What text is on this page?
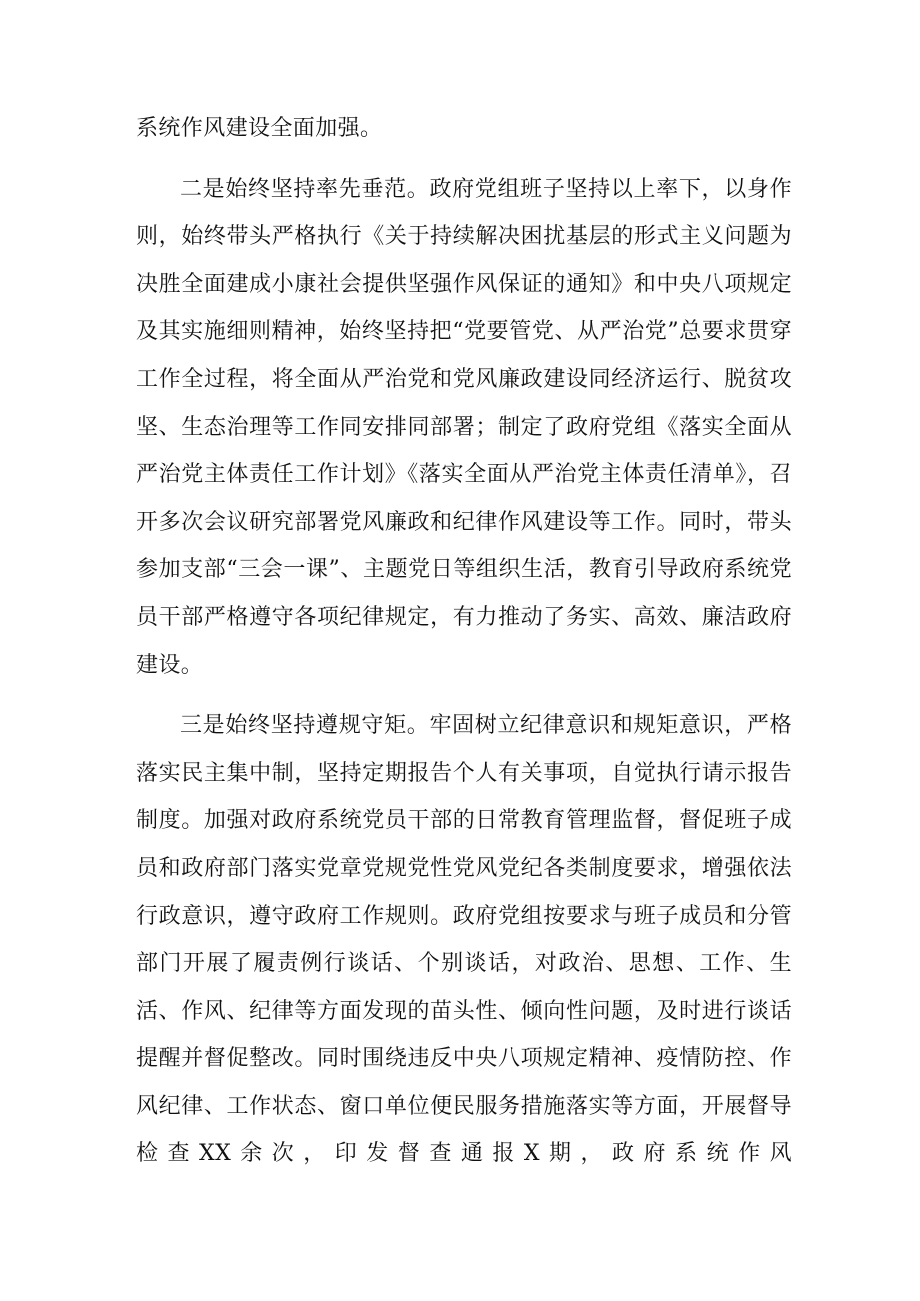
系统作风建设全面加强。

二是始终坚持率先垂范。政府党组班子坚持以上率下，以身作则，始终带头严格执行《关于持续解决困扰基层的形式主义问题为决胜全面建成小康社会提供坚强作风保证的通知》和中央八项规定及其实施细则精神，始终坚持把“党要管党、从严治党”总要求贯穿工作全过程，将全面从严治党和党风廉政建设同经济运行、脱贫攻坚、生态治理等工作同安排同部署；制定了政府党组《落实全面从严治党主体责任工作计划》《落实全面从严治党主体责任清单》，召开多次会议研究部署党风廉政和纪律作风建设等工作。同时，带头参加支部“三会一课”、主题党日等组织生活，教育引导政府系统党员干部严格遵守各项纪律规定，有力推动了务实、高效、廉洁政府建设。

三是始终坚持遵规守矩。牢固树立纪律意识和规矩意识，严格落实民主集中制，坚持定期报告个人有关事项，自觉执行请示报告制度。加强对政府系统党员干部的日常教育管理监督，督促班子成员和政府部门落实党章党规党性党风党纪各类制度要求，增强依法行政意识，遵守政府工作规则。政府党组按要求与班子成员和分管部门开展了履责例行谈话、个别谈话，对政治、思想、工作、生活、作风、纪律等方面发现的苗头性、倾向性问题，及时进行谈话提醒并督促整改。同时围绕违反中央八项规定精神、疫情防控、作风纪律、工作状态、窗口单位便民服务措施落实等方面，开展督导检查XX余次，印发督查通报X期，政府系统作风
